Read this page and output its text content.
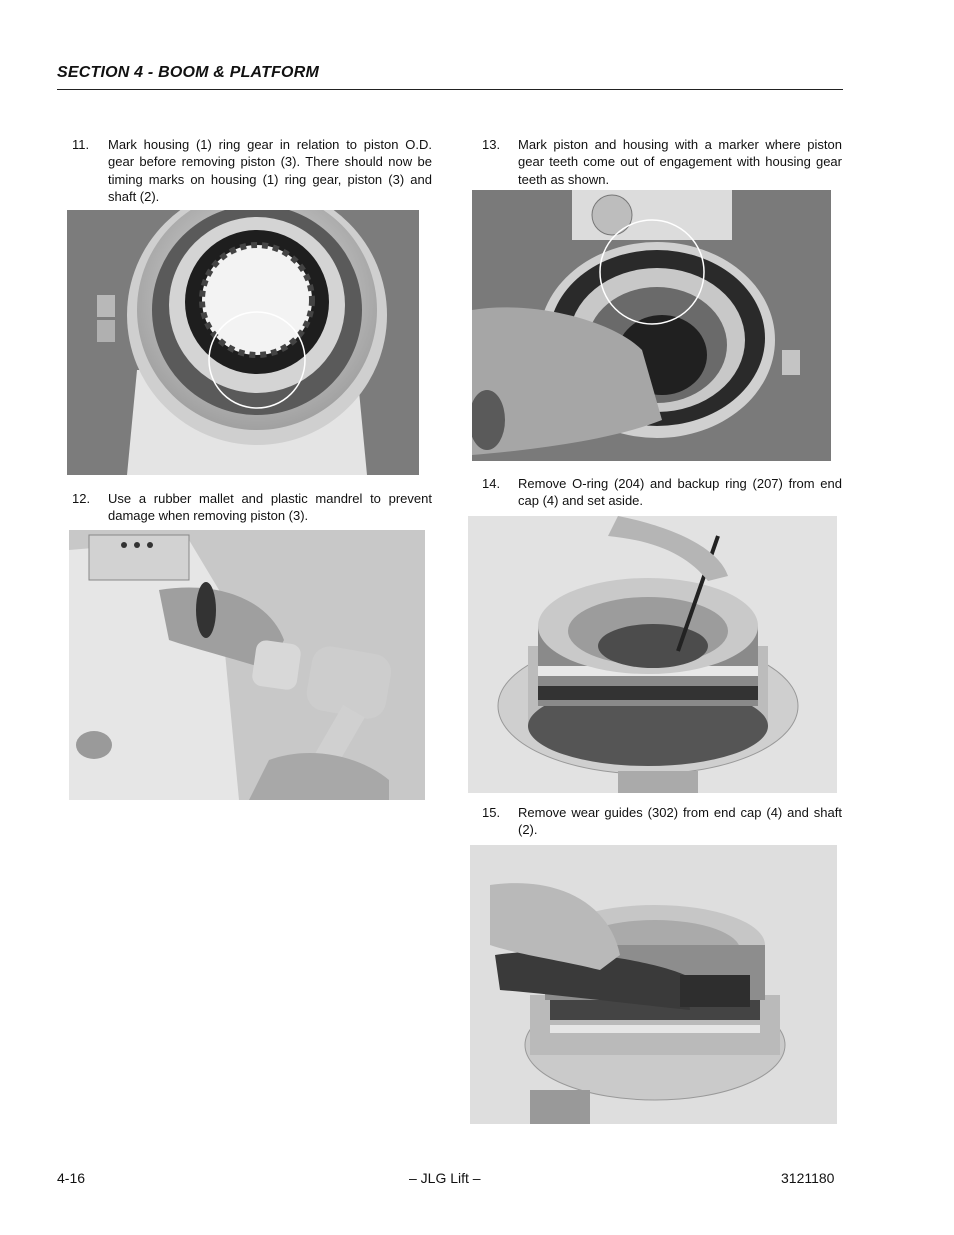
SECTION 4 - BOOM & PLATFORM
11.	Mark housing (1) ring gear in relation to piston O.D. gear before removing piston (3). There should now be timing marks on housing (1) ring gear, piston (3) and shaft (2).
12.	Use a rubber mallet and plastic mandrel to prevent damage when removing piston (3).
13.	Mark piston and housing with a marker where piston gear teeth come out of engagement with housing gear teeth as shown.
14.	Remove O-ring (204) and backup ring (207) from end cap (4) and set aside.
15.	Remove wear guides (302) from end cap (4) and shaft (2).
4-16	– JLG Lift –	3121180
